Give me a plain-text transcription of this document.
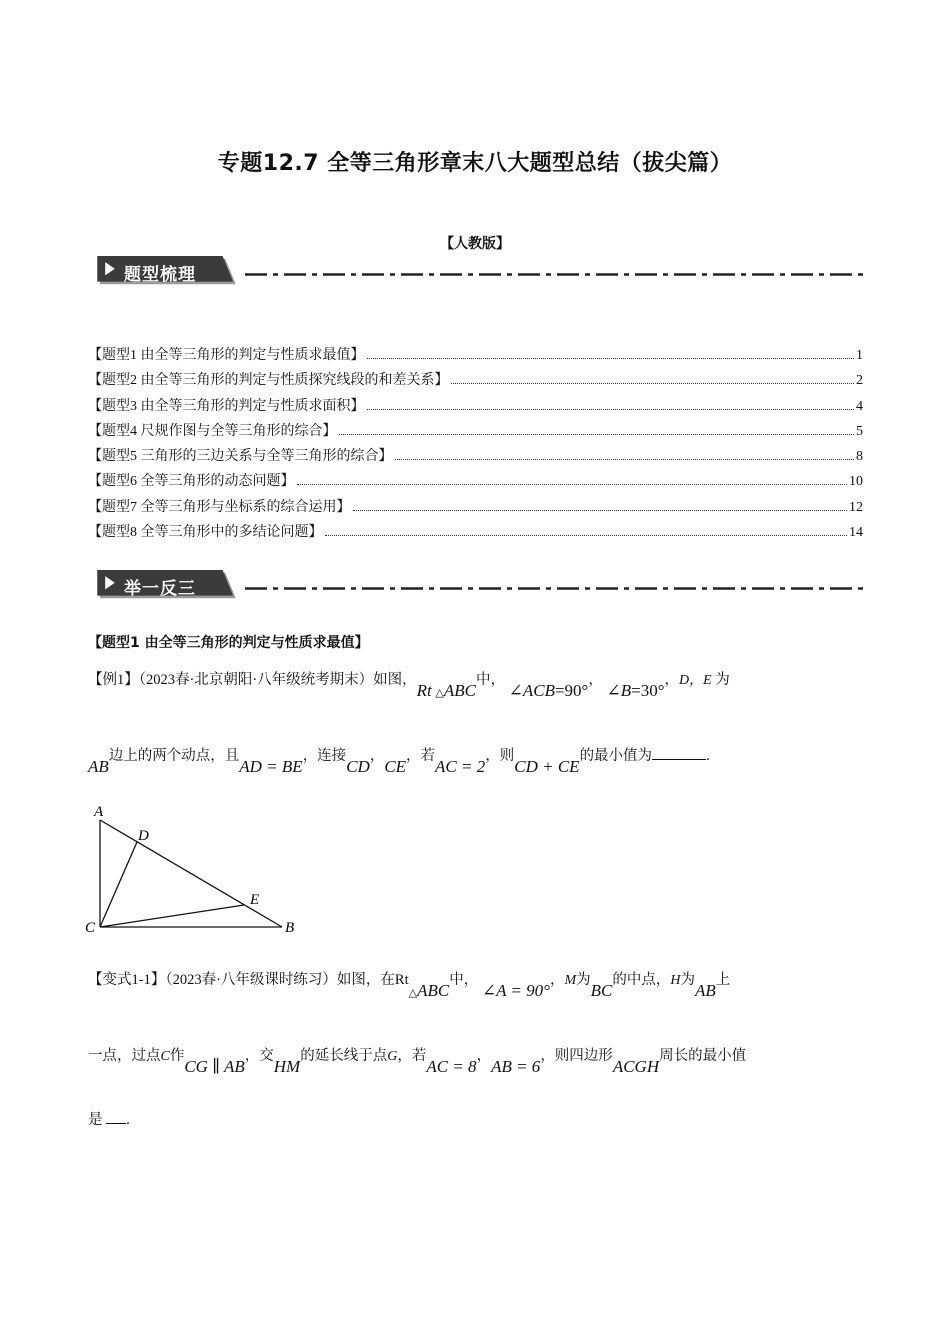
专题12.7 全等三角形章末八大题型总结（拔尖篇）
【人教版】
题型梳理
【题型1 由全等三角形的判定与性质求最值】	1
【题型2 由全等三角形的判定与性质探究线段的和差关系】	2
【题型3 由全等三角形的判定与性质求面积】	4
【题型4 尺规作图与全等三角形的综合】	5
【题型5 三角形的三边关系与全等三角形的综合】	8
【题型6 全等三角形的动态问题】	10
【题型7 全等三角形与坐标系的综合运用】	12
【题型8 全等三角形中的多结论问题】	14
举一反三
【题型1 由全等三角形的判定与性质求最值】
【例1】（2023春·北京朝阳·八年级统考期末）如图，Rt △ABC中， ∠ACB=90°， ∠B=30°，D，E 为
AB边上的两个动点，且AD = BE，连接CD，CE，若AC = 2，则CD + CE的最小值为	.
A
D
E
C	B
【变式1-1】（2023春·八年级课时练习）如图，在Rt△ABC中， ∠A = 90°，M为BC的中点，H为AB上
一点，过点C作CG ∥ AB，交HM的延长线于点G，若AC = 8，AB = 6，则四边形ACGH周长的最小值
是 .
